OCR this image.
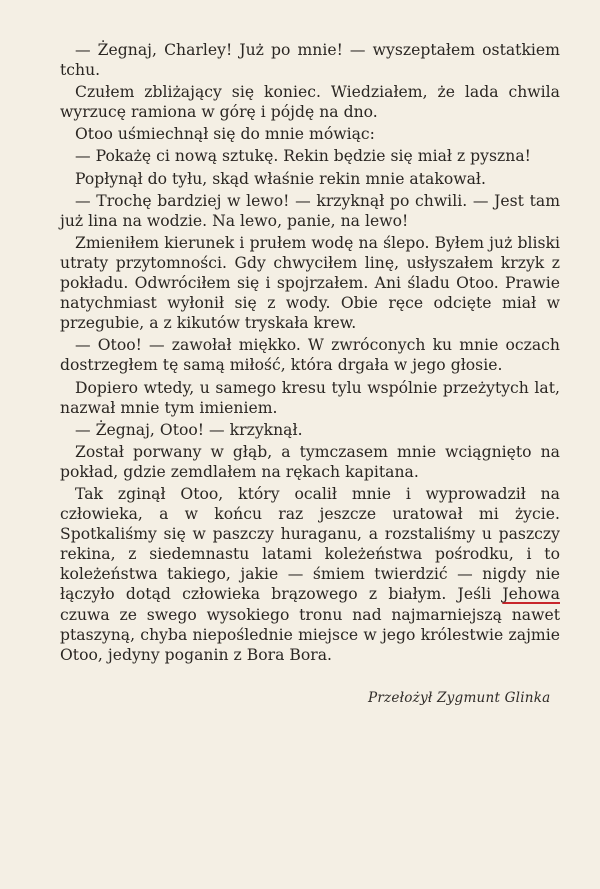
— Żegnaj, Charley! Już po mnie! — wyszeptałem ostatkiem tchu.

Czułem zbliżający się koniec. Wiedziałem, że lada chwila wyrzucę ramiona w górę i pójdę na dno.

Otoo uśmiechnął się do mnie mówiąc:

— Pokażę ci nową sztukę. Rekin będzie się miał z pyszna!

Popłynął do tyłu, skąd właśnie rekin mnie atakował.

— Trochę bardziej w lewo! — krzyknął po chwili. — Jest tam już lina na wodzie. Na lewo, panie, na lewo!

Zmieniłem kierunek i prułem wodę na ślepo. Byłem już bliski utraty przytomności. Gdy chwyciłem linę, usłyszałem krzyk z pokładu. Odwróciłem się i spojrzałem. Ani śladu Otoo. Prawie natychmiast wyłonił się z wody. Obie ręce odcięte miał w przegubie, a z kikutów tryskała krew.

— Otoo! — zawołał miękko. W zwróconych ku mnie oczach dostrzegłem tę samą miłość, która drgała w jego głosie.

Dopiero wtedy, u samego kresu tylu wspólnie przeżytych lat, nazwał mnie tym imieniem.

— Żegnaj, Otoo! — krzyknął.

Został porwany w głąb, a tymczasem mnie wciągnięto na pokład, gdzie zemdlałem na rękach kapitana.

Tak zginął Otoo, który ocalił mnie i wyprowadził na człowieka, a w końcu raz jeszcze uratował mi życie. Spotkaliśmy się w paszczy huraganu, a rozstaliśmy u paszczy rekina, z siedemnastu latami koleżeństwa pośrodku, i to koleżeństwa takiego, jakie — śmiem twierdzić — nigdy nie łączyło dotąd człowieka brązowego z białym. Jeśli Jehowa czuwa ze swego wysokiego tronu nad najmarniejszą nawet ptaszyną, chyba niepoślednie miejsce w jego królestwie zajmie Otoo, jedyny poganin z Bora Bora.

Przełożył Zygmunt Glinka
